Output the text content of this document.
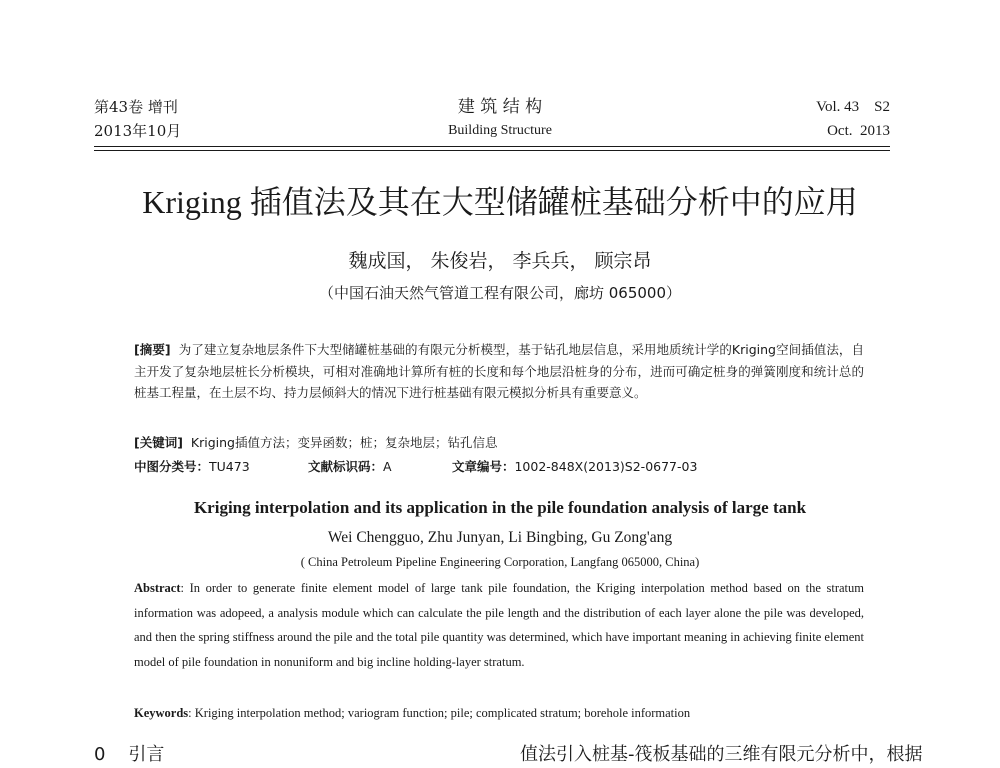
第43卷 增刊
2013年10月
建 筑 结 构
Building Structure
Vol. 43    S2
Oct.  2013
Kriging 插值法及其在大型储罐桩基础分析中的应用
魏成国， 朱俊岩， 李兵兵， 顾宗昂
（中国石油天然气管道工程有限公司，廊坊 065000）
[摘要] 为了建立复杂地层条件下大型储罐桩基础的有限元分析模型，基于钻孔地层信息，采用地质统计学的Kriging空间插值法，自主开发了复杂地层桩长分析模块，可相对准确地计算所有桩的长度和每个地层沿桩身的分布，进而可确定桩身的弹簧刚度和统计总的桩基工程量，在土层不均、持力层倾斜大的情况下进行桩基础有限元模拟分析具有重要意义。
[关键词] Kriging插值方法；变异函数；桩；复杂地层；钻孔信息
中图分类号：TU473	文献标识码：A	文章编号：1002-848X(2013)S2-0677-03
Kriging interpolation and its application in the pile foundation analysis of large tank
Wei Chengguo, Zhu Junyan, Li Bingbing, Gu Zong'ang
( China Petroleum Pipeline Engineering Corporation, Langfang 065000, China)
Abstract: In order to generate finite element model of large tank pile foundation, the Kriging interpolation method based on the stratum information was adopeed, a analysis module which can calculate the pile length and the distribution of each layer alone the pile was developed, and then the spring stiffness around the pile and the total pile quantity was determined, which have important meaning in achieving finite element model of pile foundation in nonuniform and big incline holding-layer stratum.
Keywords: Kriging interpolation method; variogram function; pile; complicated stratum; borehole information
0    引言	值法引入桩基-筏板基础的三维有限元分析中，根据
